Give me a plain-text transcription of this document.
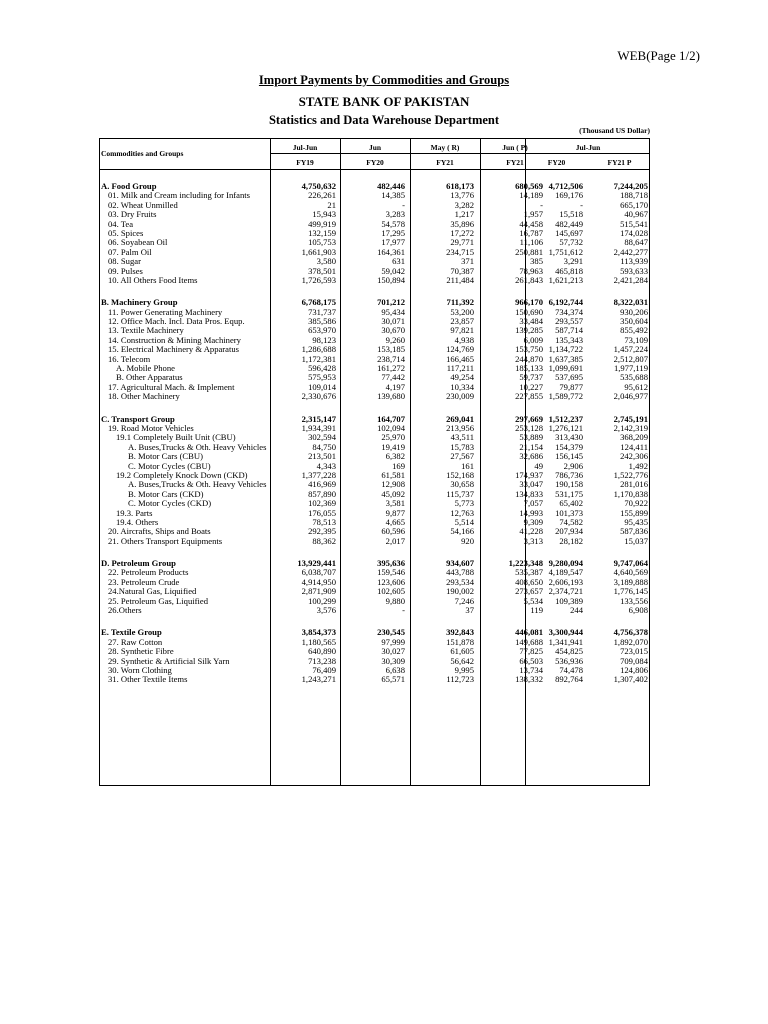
WEB(Page 1/2)
Import Payments by Commodities and Groups
STATE BANK OF PAKISTAN
Statistics and Data Warehouse Department
(Thousand US Dollar)
Commodities and Groups
Jul-Jun	Jun	May ( R)	Jun ( P)	Jul-Jun
FY19	FY20	FY21	FY21	FY20	FY21 P
A. Food Group	4,750,632	482,446	618,173	680,569 4,712,506	7,244,205
01. Milk and Cream including for Infants	226,261	14,385	13,776	14,189	169,176	188,718
02. Wheat Unmilled	21	-	3,282	-	-	665,170
03. Dry Fruits	15,943	3,283	1,217	1,957	15,518	40,967
04. Tea	499,919	54,578	35,896	44,458	482,449	515,541
05. Spices	132,159	17,295	17,272	16,787	145,697	174,028
06. Soyabean Oil	105,753	17,977	29,771	11,106	57,732	88,647
07. Palm Oil	1,661,903	164,361	234,715	250,881 1,751,612	2,442,277
08. Sugar	3,580	631	371	385	3,291	113,939
09. Pulses	378,501	59,042	70,387	78,963	465,818	593,633
10. All Others Food Items	1,726,593	150,894	211,484	261,843 1,621,213	2,421,284
B. Machinery Group	6,768,175	701,212	711,392	966,170 6,192,744	8,322,031
11. Power Generating Machinery	731,737	95,434	53,200	150,690	734,374	930,206
12. Office Mach. Incl. Data Pros. Equp.	385,586	30,071	23,857	33,484	293,557	350,604
13. Textile Machinery	653,970	30,670	97,821	139,285	587,714	855,492
14. Construction & Mining Machinery	98,123	9,260	4,938	6,009	135,343	73,109
15. Electrical Machinery & Apparatus	1,286,688	153,185	124,769	153,750 1,134,722	1,457,224
16. Telecom	1,172,381	238,714	166,465	244,870 1,637,385	2,512,807
A. Mobile Phone	596,428	161,272	117,211	185,133 1,099,691	1,977,119
B. Other Apparatus	575,953	77,442	49,254	59,737	537,695	535,688
17. Agricultural Mach. & Implement	109,014	4,197	10,334	10,227	79,877	95,612
18. Other Machinery	2,330,676	139,680	230,009	227,855 1,589,772	2,046,977
C. Transport Group	2,315,147	164,707	269,041	297,669 1,512,237	2,745,191
19. Road Motor Vehicles	1,934,391	102,094	213,956	253,128 1,276,121	2,142,319
19.1 Completely Built Unit (CBU)	302,594	25,970	43,511	53,889	313,430	368,209
A. Buses,Trucks & Oth. Heavy Vehicles	84,750	19,419	15,783	21,154	154,379	124,411
B. Motor Cars (CBU)	213,501	6,382	27,567	32,686	156,145	242,306
C. Motor Cycles (CBU)	4,343	169	161	49	2,906	1,492
19.2 Completely Knock Down (CKD)	1,377,228	61,581	152,168	174,937	786,736	1,522,776
A. Buses,Trucks & Oth. Heavy Vehicles	416,969	12,908	30,658	33,047	190,158	281,016
B. Motor Cars (CKD)	857,890	45,092	115,737	134,833	531,175	1,170,838
C. Motor Cycles (CKD)	102,369	3,581	5,773	7,057	65,402	70,922
19.3. Parts	176,055	9,877	12,763	14,993	101,373	155,899
19.4. Others	78,513	4,665	5,514	9,309	74,582	95,435
20. Aircrafts, Ships and Boats	292,395	60,596	54,166	41,228	207,934	587,836
21. Others Transport Equipments	88,362	2,017	920	3,313	28,182	15,037
D. Petroleum Group	13,929,441	395,636	934,607	1,223,348 9,280,094	9,747,064
22. Petroleum Products	6,038,707	159,546	443,788	535,387 4,189,547	4,640,569
23. Petroleum Crude	4,914,950	123,606	293,534	408,650 2,606,193	3,189,888
24.Natural Gas, Liquified	2,871,909	102,605	190,002	273,657 2,374,721	1,776,145
25. Petroleum Gas, Liquified	100,299	9,880	7,246	5,534	109,389	133,556
26.Others	3,576	-	37	119	244	6,908
E. Textile Group	3,854,373	230,545	392,843	446,081 3,300,944	4,756,378
27. Raw Cotton	1,180,565	97,999	151,878	149,688 1,341,941	1,892,070
28. Synthetic Fibre	640,890	30,027	61,605	77,825	454,825	723,015
29. Synthetic & Artificial Silk Yarn	713,238	30,309	56,642	66,503	536,936	709,084
30. Worn Clothing	76,409	6,638	9,995	13,734	74,478	124,806
31. Other Textile Items	1,243,271	65,571	112,723	138,332	892,764	1,307,402
